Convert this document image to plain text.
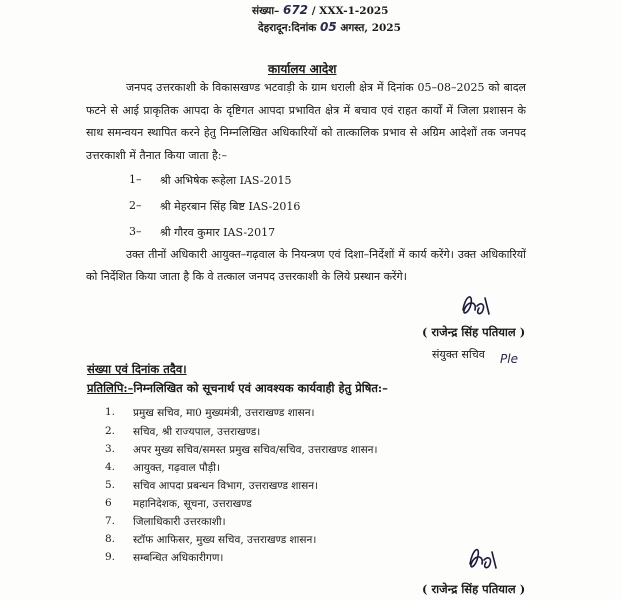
संख्या– 672 / XXX-1-2025
देहरादून:दिनांक 05 अगस्त, 2025
कार्यालय आदेश
जनपद उत्तरकाशी के विकासखण्ड भटवाड़ी के ग्राम धराली क्षेत्र में दिनांक 05–08–2025 को बादल फटने से आई प्राकृतिक आपदा के दृष्टिगत आपदा प्रभावित क्षेत्र में बचाव एवं राहत कार्यों में जिला प्रशासन के साथ समन्वयन स्थापित करने हेतु निम्नलिखित अधिकारियों को तात्कालिक प्रभाव से अग्रिम आदेशों तक जनपद उत्तरकाशी में तैनात किया जाता है:–
1– श्री अभिषेक रूहेला IAS-2015
2– श्री मेहरबान सिंह बिष्ट IAS-2016
3– श्री गौरव कुमार IAS-2017
उक्त तीनों अधिकारी आयुक्त–गढ़वाल के नियन्त्रण एवं दिशा–निर्देशों में कार्य करेंगे। उक्त अधिकारियों को निर्देशित किया जाता है कि वे तत्काल जनपद उत्तरकाशी के लिये प्रस्थान करेंगे।
( राजेन्द्र सिंह पतियाल )
संयुक्त सचिव Ple
संख्या एवं दिनांक तदैव।
प्रतिलिपि:–निम्नलिखित को सूचनार्थ एवं आवश्यक कार्यवाही हेतु प्रेषित:–
1. प्रमुख सचिव, मा0 मुख्यमंत्री, उत्तराखण्ड शासन।
2. सचिव, श्री राज्यपाल, उत्तराखण्ड।
3. अपर मुख्य सचिव/समस्त प्रमुख सचिव/सचिव, उत्तराखण्ड शासन।
4. आयुक्त, गढ़वाल पौड़ी।
5. सचिव आपदा प्रबन्धन विभाग, उत्तराखण्ड शासन।
6 महानिदेशक, सूचना, उत्तराखण्ड
7. जिलाधिकारी उत्तरकाशी।
8. स्टॉफ आफिसर, मुख्य सचिव, उत्तराखण्ड शासन।
9. सम्बन्धित अधिकारीगण।
( राजेन्द्र सिंह पतियाल )
